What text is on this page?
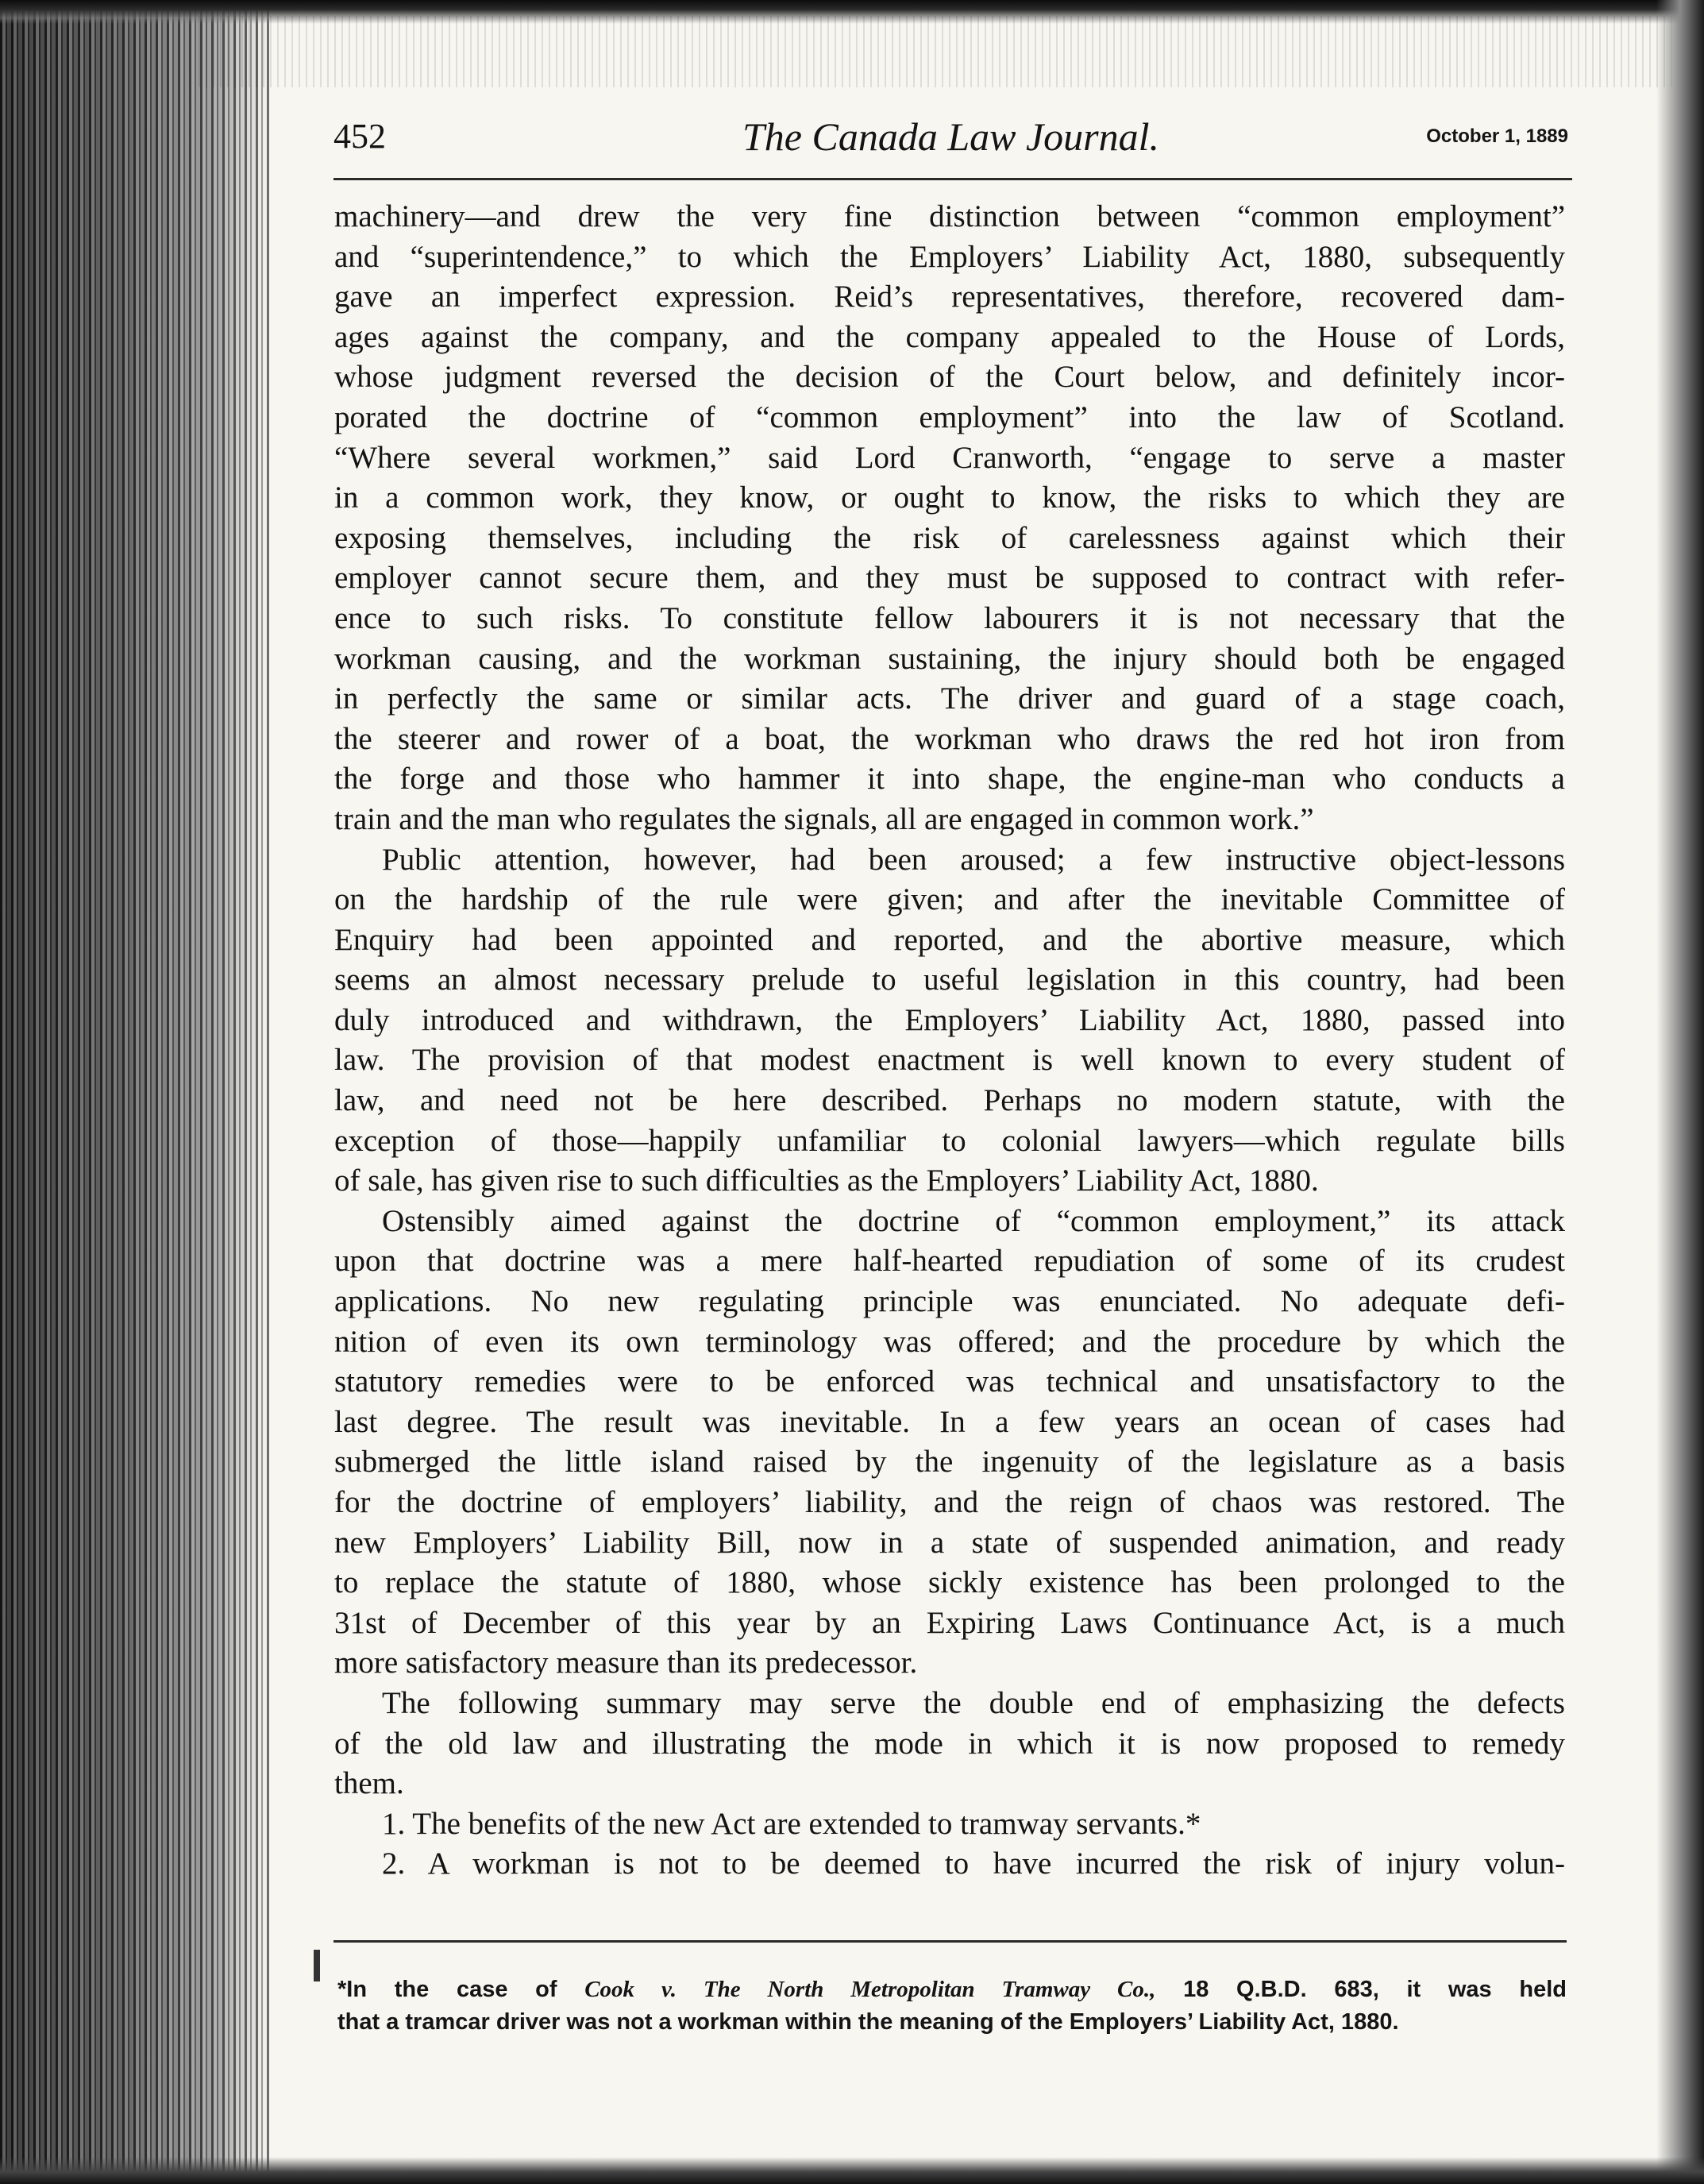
452	The Canada Law Journal.	October 1, 1889
machinery—and drew the very fine distinction between “common employment”
and “superintendence,” to which the Employers’ Liability Act, 1880, subsequently
gave an imperfect expression. Reid’s representatives, therefore, recovered dam-
ages against the company, and the company appealed to the House of Lords,
whose judgment reversed the decision of the Court below, and definitely incor-
porated the doctrine of “common employment” into the law of Scotland.
“Where several workmen,” said Lord Cranworth, “engage to serve a master
in a common work, they know, or ought to know, the risks to which they are
exposing themselves, including the risk of carelessness against which their
employer cannot secure them, and they must be supposed to contract with refer-
ence to such risks. To constitute fellow labourers it is not necessary that the
workman causing, and the workman sustaining, the injury should both be engaged
in perfectly the same or similar acts. The driver and guard of a stage coach,
the steerer and rower of a boat, the workman who draws the red hot iron from
the forge and those who hammer it into shape, the engine-man who conducts a
train and the man who regulates the signals, all are engaged in common work.”
Public attention, however, had been aroused; a few instructive object-lessons
on the hardship of the rule were given; and after the inevitable Committee of
Enquiry had been appointed and reported, and the abortive measure, which
seems an almost necessary prelude to useful legislation in this country, had been
duly introduced and withdrawn, the Employers’ Liability Act, 1880, passed into
law. The provision of that modest enactment is well known to every student of
law, and need not be here described. Perhaps no modern statute, with the
exception of those—happily unfamiliar to colonial lawyers—which regulate bills
of sale, has given rise to such difficulties as the Employers’ Liability Act, 1880.
Ostensibly aimed against the doctrine of “common employment,” its attack
upon that doctrine was a mere half-hearted repudiation of some of its crudest
applications. No new regulating principle was enunciated. No adequate defi-
nition of even its own terminology was offered; and the procedure by which the
statutory remedies were to be enforced was technical and unsatisfactory to the
last degree. The result was inevitable. In a few years an ocean of cases had
submerged the little island raised by the ingenuity of the legislature as a basis
for the doctrine of employers’ liability, and the reign of chaos was restored. The
new Employers’ Liability Bill, now in a state of suspended animation, and ready
to replace the statute of 1880, whose sickly existence has been prolonged to the
31st of December of this year by an Expiring Laws Continuance Act, is a much
more satisfactory measure than its predecessor.
The following summary may serve the double end of emphasizing the defects
of the old law and illustrating the mode in which it is now proposed to remedy
them.
1. The benefits of the new Act are extended to tramway servants.*
2. A workman is not to be deemed to have incurred the risk of injury volun-
*In the case of Cook v. The North Metropolitan Tramway Co., 18 Q.B.D. 683, it was held
that a tramcar driver was not a workman within the meaning of the Employers’ Liability Act, 1880.
